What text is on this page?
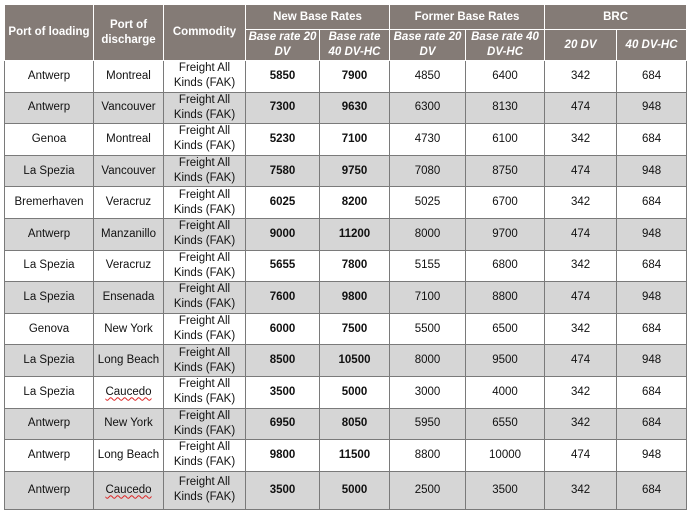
Port of loading	Port of discharge	Commodity	New Base Rates		Former Base Rates		BRC	
			Base rate 20 DV	Base rate 40 DV-HC	Base rate 20 DV	Base rate 40 DV-HC	20 DV	40 DV-HC
Antwerp	Montreal	Freight All Kinds (FAK)	5850	7900	4850	6400	342	684
Antwerp	Vancouver	Freight All Kinds (FAK)	7300	9630	6300	8130	474	948
Genoa	Montreal	Freight All Kinds (FAK)	5230	7100	4730	6100	342	684
La Spezia	Vancouver	Freight All Kinds (FAK)	7580	9750	7080	8750	474	948
Bremerhaven	Veracruz	Freight All Kinds (FAK)	6025	8200	5025	6700	342	684
Antwerp	Manzanillo	Freight All Kinds (FAK)	9000	11200	8000	9700	474	948
La Spezia	Veracruz	Freight All Kinds (FAK)	5655	7800	5155	6800	342	684
La Spezia	Ensenada	Freight All Kinds (FAK)	7600	9800	7100	8800	474	948
Genova	New York	Freight All Kinds (FAK)	6000	7500	5500	6500	342	684
La Spezia	Long Beach	Freight All Kinds (FAK)	8500	10500	8000	9500	474	948
La Spezia	Caucedo	Freight All Kinds (FAK)	3500	5000	3000	4000	342	684
Antwerp	New York	Freight All Kinds (FAK)	6950	8050	5950	6550	342	684
Antwerp	Long Beach	Freight All Kinds (FAK)	9800	11500	8800	10000	474	948
Antwerp	Caucedo	Freight All Kinds (FAK)	3500	5000	2500	3500	342	684
